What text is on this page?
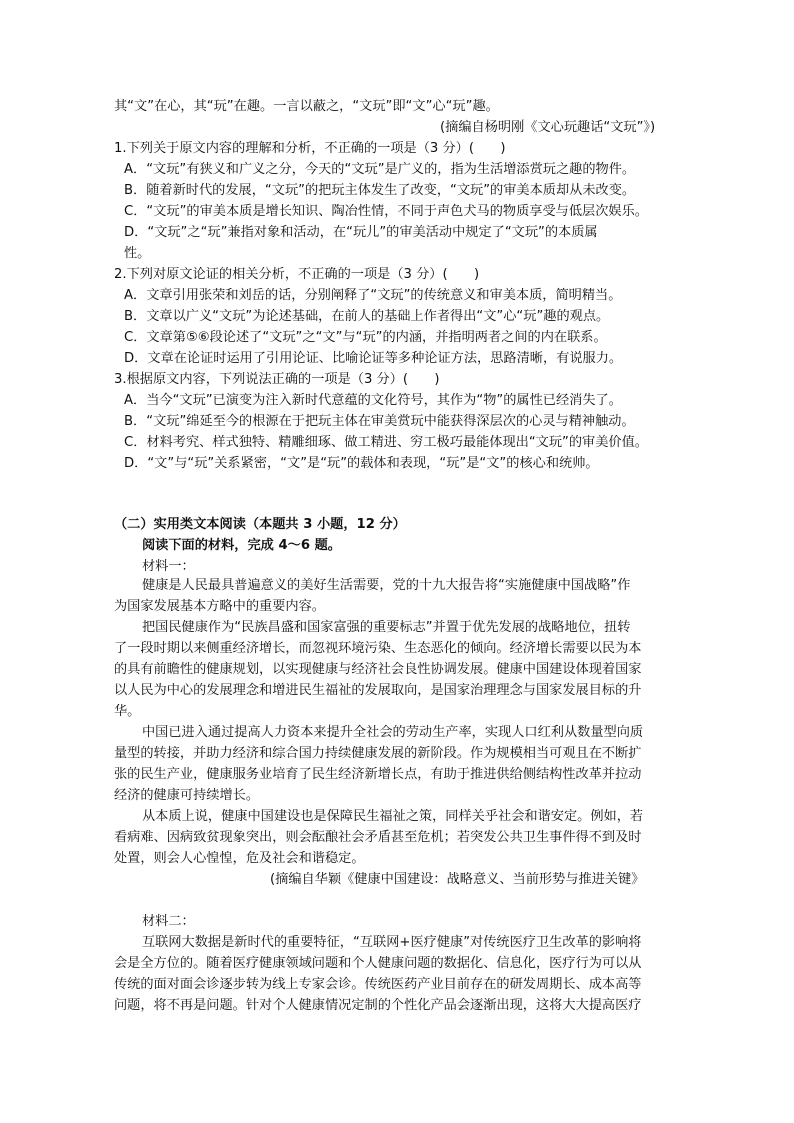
其“文”在心，其“玩”在趣。一言以蔽之，“文玩”即“文”心“玩”趣。
(摘编自杨明刚《文心玩趣话“文玩”》)
1.下列关于原文内容的理解和分析，不正确的一项是（3 分）(　　)
A．“文玩”有狭义和广义之分，今天的“文玩”是广义的，指为生活增添赏玩之趣的物件。
B．随着新时代的发展，“文玩”的把玩主体发生了改变，“文玩”的审美本质却从未改变。
C．“文玩”的审美本质是增长知识、陶冶性情，不同于声色犬马的物质享受与低层次娱乐。
D．“文玩”之“玩”兼指对象和活动，在“玩儿”的审美活动中规定了“文玩”的本质属
性。
2.下列对原文论证的相关分析，不正确的一项是（3 分）(　　)
A．文章引用张荣和刘岳的话，分别阐释了“文玩”的传统意义和审美本质，简明精当。
B．文章以广义“文玩”为论述基础，在前人的基础上作者得出“文”心“玩”趣的观点。
C．文章第⑤⑥段论述了“文玩”之“文”与“玩”的内涵，并指明两者之间的内在联系。
D．文章在论证时运用了引用论证、比喻论证等多种论证方法，思路清晰，有说服力。
3.根据原文内容，下列说法正确的一项是（3 分）(　　)
A．当今“文玩”已演变为注入新时代意蕴的文化符号，其作为“物”的属性已经消失了。
B．“文玩”绵延至今的根源在于把玩主体在审美赏玩中能获得深层次的心灵与精神触动。
C．材料考究、样式独特、精雕细琢、做工精进、穷工极巧最能体现出“文玩”的审美价值。
D．“文”与“玩”关系紧密，“文”是“玩”的载体和表现，“玩”是“文”的核心和统帅。
（二）实用类文本阅读（本题共 3 小题，12 分）
阅读下面的材料，完成 4～6 题。
材料一：
健康是人民最具普遍意义的美好生活需要，党的十九大报告将“实施健康中国战略”作
为国家发展基本方略中的重要内容。
把国民健康作为“民族昌盛和国家富强的重要标志”并置于优先发展的战略地位，扭转
了一段时期以来侧重经济增长，而忽视环境污染、生态恶化的倾向。经济增长需要以民为本
的具有前瞻性的健康规划，以实现健康与经济社会良性协调发展。健康中国建设体现着国家
以人民为中心的发展理念和增进民生福祉的发展取向，是国家治理理念与国家发展目标的升
华。
中国已进入通过提高人力资本来提升全社会的劳动生产率，实现人口红利从数量型向质
量型的转接，并助力经济和综合国力持续健康发展的新阶段。作为规模相当可观且在不断扩
张的民生产业，健康服务业培育了民生经济新增长点，有助于推进供给侧结构性改革并拉动
经济的健康可持续增长。
从本质上说，健康中国建设也是保障民生福祉之策，同样关乎社会和谐安定。例如，若
看病难、因病致贫现象突出，则会酝酿社会矛盾甚至危机；若突发公共卫生事件得不到及时
处置，则会人心惶惶，危及社会和谐稳定。
(摘编自华颖《健康中国建设：战略意义、当前形势与推进关键》
材料二：
互联网大数据是新时代的重要特征，“互联网+医疗健康”对传统医疗卫生改革的影响将
会是全方位的。随着医疗健康领域问题和个人健康问题的数据化、信息化，医疗行为可以从
传统的面对面会诊逐步转为线上专家会诊。传统医药产业目前存在的研发周期长、成本高等
问题，将不再是问题。针对个人健康情况定制的个性化产品会逐渐出现，这将大大提高医疗
